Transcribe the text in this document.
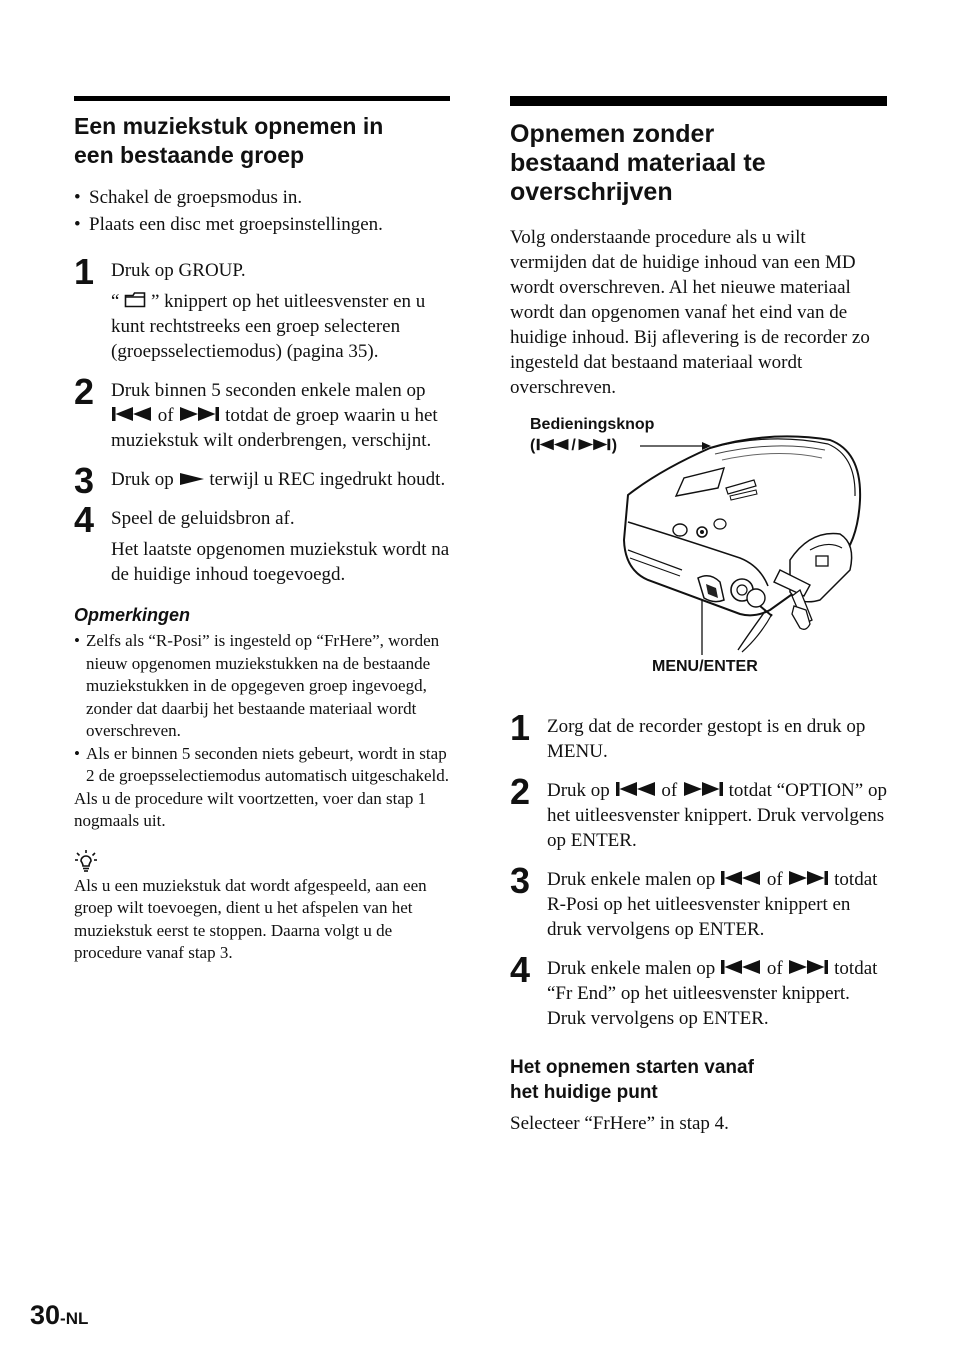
Een muziekstuk opnemen in
een bestaande groep
• Schakel de groepsmodus in.
• Plaats een disc met groepsinstellingen.
1 Druk op GROUP.

“ ” knippert op het uitleesvenster en u kunt rechtstreeks een groep selecteren (groepsselectiemodus) (pagina 35).

2 Druk binnen 5 seconden enkele malen op  of	totdat de groep waarin u het muziekstuk wilt onderbrengen, verschijnt.

3 Druk op terwijl u REC ingedrukt houdt.

4 Speel de geluidsbron af.

Het laatste opgenomen muziekstuk wordt na de huidige inhoud toegevoegd.

Opmerkingen
• Zelfs als “R-Posi” is ingesteld op “FrHere”, worden nieuw opgenomen muziekstukken na de bestaande muziekstukken in de opgegeven groep ingevoegd, zonder dat daarbij het bestaande materiaal wordt overschreven.
• Als er binnen 5 seconden niets gebeurt, wordt in stap 2 de groepsselectiemodus automatisch uitgeschakeld.
Als u de procedure wilt voortzetten, voer dan stap 1 nogmaals uit.
Als u een muziekstuk dat wordt afgespeeld, aan een groep wilt toevoegen, dient u het afspelen van het muziekstuk eerst te stoppen. Daarna volgt u de procedure vanaf stap 3.
Opnemen zonder
bestaand materiaal te
overschrijven

Volg onderstaande procedure als u wilt vermijden dat de huidige inhoud van een MD wordt overschreven. Al het nieuwe materiaal wordt dan opgenomen vanaf het eind van de huidige inhoud. Bij aflevering is de recorder zo ingesteld dat bestaand materiaal wordt overschreven.

Bedieningsknop
( / )
MENU/ENTER
1 Zorg dat de recorder gestopt is en druk op MENU.

2 Druk op	of	totdat “OPTION” op het uitleesvenster knippert. Druk vervolgens op ENTER.

3 Druk enkele malen op	of	totdat R-Posi op het uitleesvenster knippert en druk vervolgens op ENTER.

4 Druk enkele malen op	of	totdat “Fr End” op het uitleesvenster knippert. Druk vervolgens op ENTER.

Het opnemen starten vanaf
het huidige punt

Selecteer “FrHere” in stap 4.

30-NL
